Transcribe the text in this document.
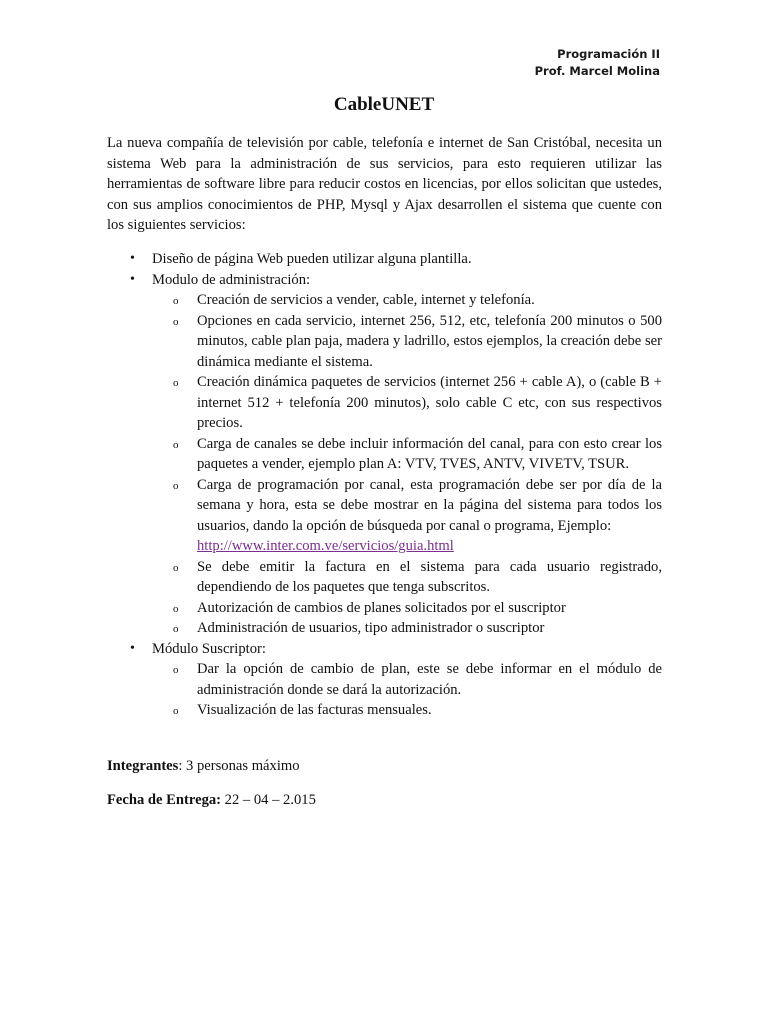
Programación II
Prof. Marcel Molina
CableUNET

La nueva compañía de televisión por cable, telefonía e internet de San Cristóbal, necesita un sistema Web para la administración de sus servicios, para esto requieren utilizar las herramientas de software libre para reducir costos en licencias, por ellos solicitan que ustedes, con sus amplios conocimientos de PHP, Mysql y Ajax desarrollen el sistema que cuente con los siguientes servicios:

• Diseño de página Web pueden utilizar alguna plantilla.
• Modulo de administración:
o Creación de servicios a vender, cable, internet y telefonía.
o Opciones en cada servicio, internet 256, 512, etc, telefonía 200 minutos o 500 minutos, cable plan paja, madera y ladrillo, estos ejemplos, la creación debe ser dinámica mediante el sistema.
o Creación dinámica paquetes de servicios (internet 256 + cable A), o (cable B + internet 512 + telefonía 200 minutos), solo cable C etc, con sus respectivos precios.
o Carga de canales se debe incluir información del canal, para con esto crear los paquetes a vender, ejemplo plan A: VTV, TVES, ANTV, VIVETV, TSUR.
o Carga de programación por canal, esta programación debe ser por día de la semana y hora, esta se debe mostrar en la página del sistema para todos los usuarios, dando la opción de búsqueda por canal o programa, Ejemplo:
http://www.inter.com.ve/servicios/guia.html
o Se debe emitir la factura en el sistema para cada usuario registrado, dependiendo de los paquetes que tenga subscritos.
o Autorización de cambios de planes solicitados por el suscriptor
o Administración de usuarios, tipo administrador o suscriptor
• Módulo Suscriptor:
o Dar la opción de cambio de plan, este se debe informar en el módulo de administración donde se dará la autorización.
o Visualización de las facturas mensuales.
Integrantes: 3 personas máximo
Fecha de Entrega: 22 – 04 – 2.015
